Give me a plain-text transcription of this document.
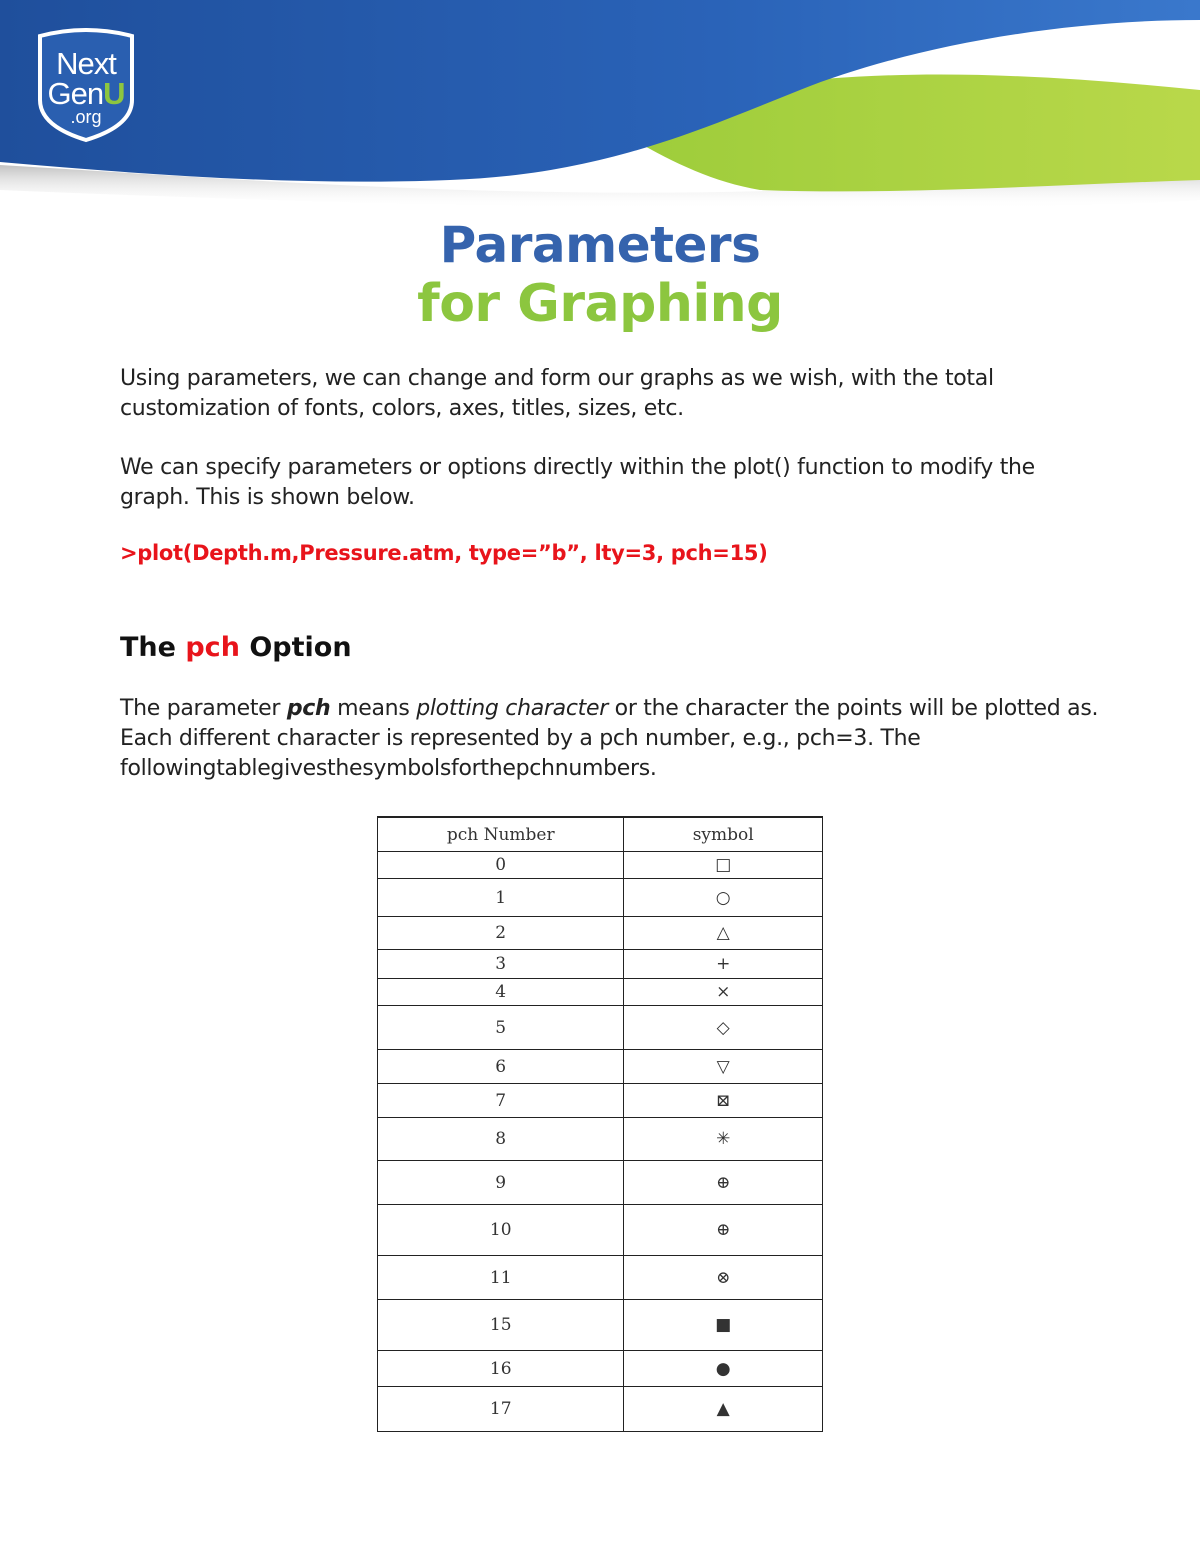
Next
GenU
.org
Parameters
for Graphing
Using parameters, we can change and form our graphs as we wish, with the total customization of fonts, colors, axes, titles, sizes, etc.
We can specify parameters or options directly within the plot() function to modify the graph. This is shown below.
>plot(Depth.m,Pressure.atm, type=”b”, lty=3, pch=15)
The pch Option
The parameter pch means plotting character or the character the points will be plotted as. Each different character is represented by a pch number, e.g., pch=3. The followingtablegivesthesymbolsforthepchnumbers.
pch Number	symbol
0	□
1	○
2	△
3	+
4	×
5	◇
6	▽
7	⊠
8	✳
9	⊕
10	⊕
11	⊗
15	■
16	●
17	▲
